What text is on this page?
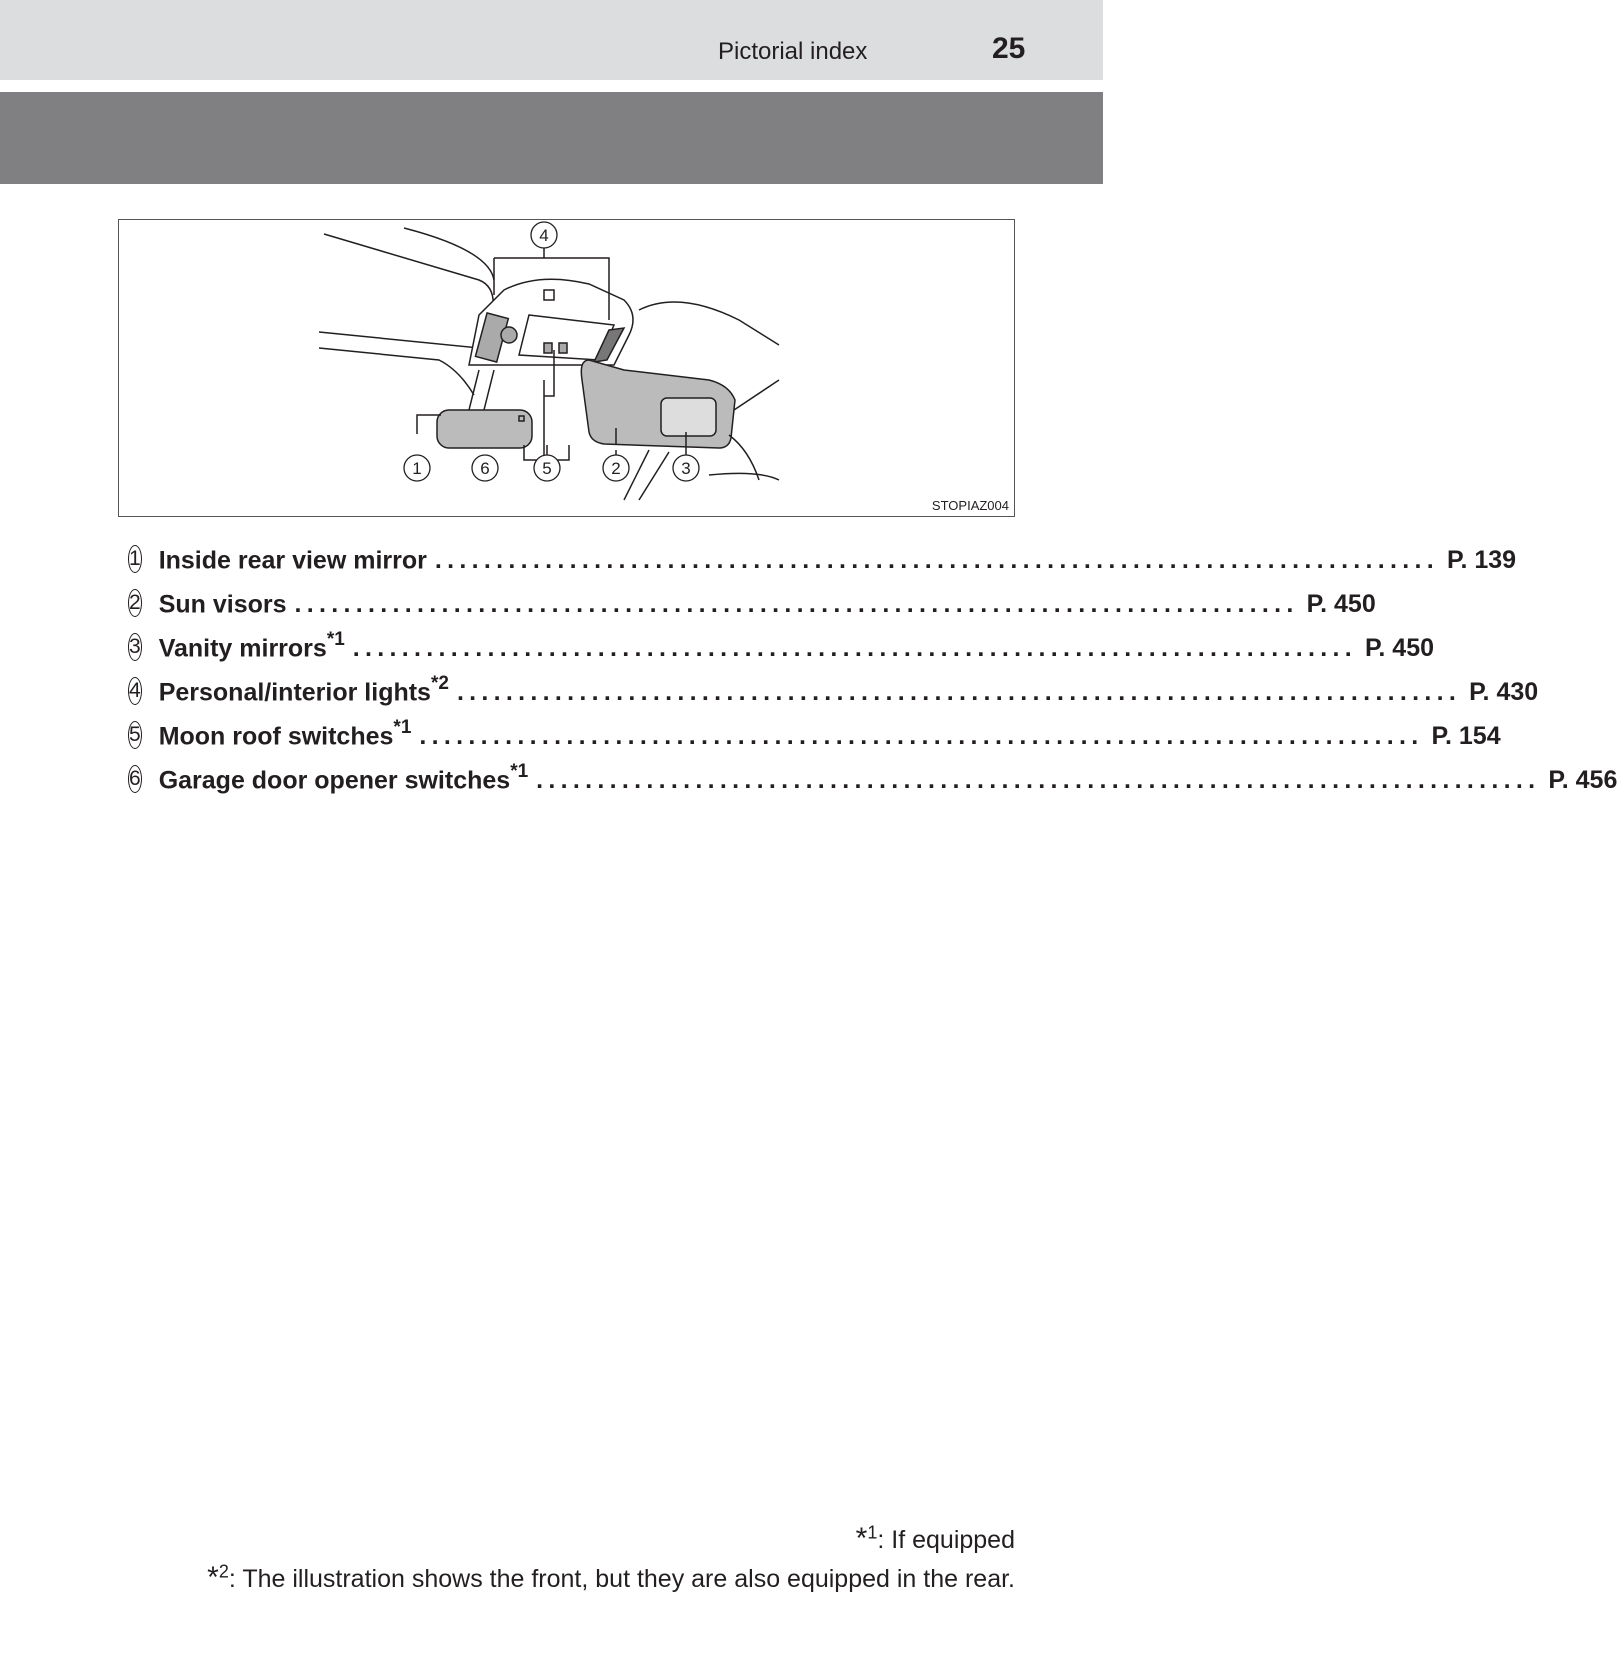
Pictorial index	25
4
1	6	5	2	3
STOPIAZ004
1 Inside rear view mirror .................................................................................. P. 139
2 Sun visors .................................................................................. P. 450
3 Vanity mirrors$^{*1}$ .................................................................................. P. 450
4 Personal/interior lights$^{*2}$ .................................................................................. P. 430
5 Moon roof switches$^{*1}$ .................................................................................. P. 154
6 Garage door opener switches$^{*1}$ .................................................................................. P. 456
*$^1$: If equipped
*$^2$: The illustration shows the front, but they are also equipped in the rear.
